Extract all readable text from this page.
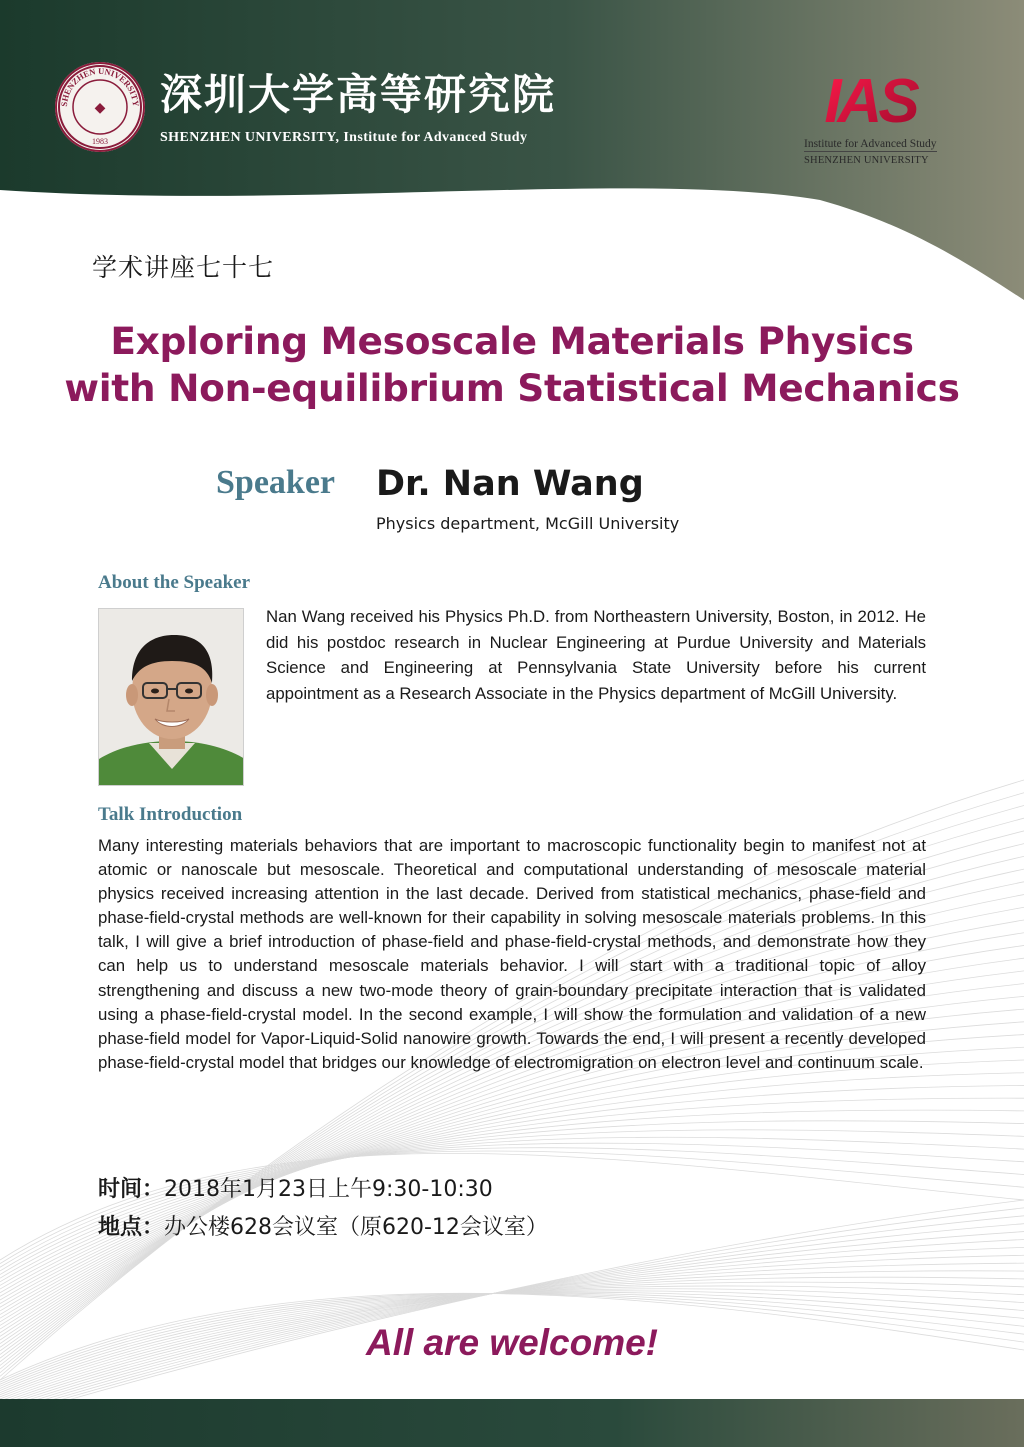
SHENZHEN UNIVERSITY
◆
1983
深圳大学高等研究院
SHENZHEN UNIVERSITY, Institute for Advanced Study
IAS
Institute for Advanced Study
SHENZHEN UNIVERSITY
学术讲座七十七
Exploring Mesoscale Materials Physics
with Non-equilibrium Statistical Mechanics
Speaker Dr. Nan Wang
Physics department, McGill University
About the Speaker
Nan Wang received his Physics Ph.D. from Northeastern University, Boston, in 2012. He did his postdoc research in Nuclear Engineering at Purdue University and Materials Science and Engineering at Pennsylvania State University before his current appointment as a Research Associate in the Physics department of McGill University.
Talk Introduction
Many interesting materials behaviors that are important to macroscopic functionality begin to manifest not at atomic or nanoscale but mesoscale. Theoretical and computational understanding of mesoscale material physics received increasing attention in the last decade. Derived from statistical mechanics, phase-field and phase-field-crystal methods are well-known for their capability in solving mesoscale materials problems. In this talk, I will give a brief introduction of phase-field and phase-field-crystal methods, and demonstrate how they can help us to understand mesoscale materials behavior. I will start with a traditional topic of alloy strengthening and discuss a new two-mode theory of grain-boundary precipitate interaction that is validated using a phase-field-crystal model. In the second example, I will show the formulation and validation of a new phase-field model for Vapor-Liquid-Solid nanowire growth. Towards the end, I will present a recently developed phase-field-crystal model that bridges our knowledge of electromigration on electron level and continuum scale.
时间：2018年1月23日上午9:30-10:30
地点：办公楼628会议室（原620-12会议室）
All are welcome!
